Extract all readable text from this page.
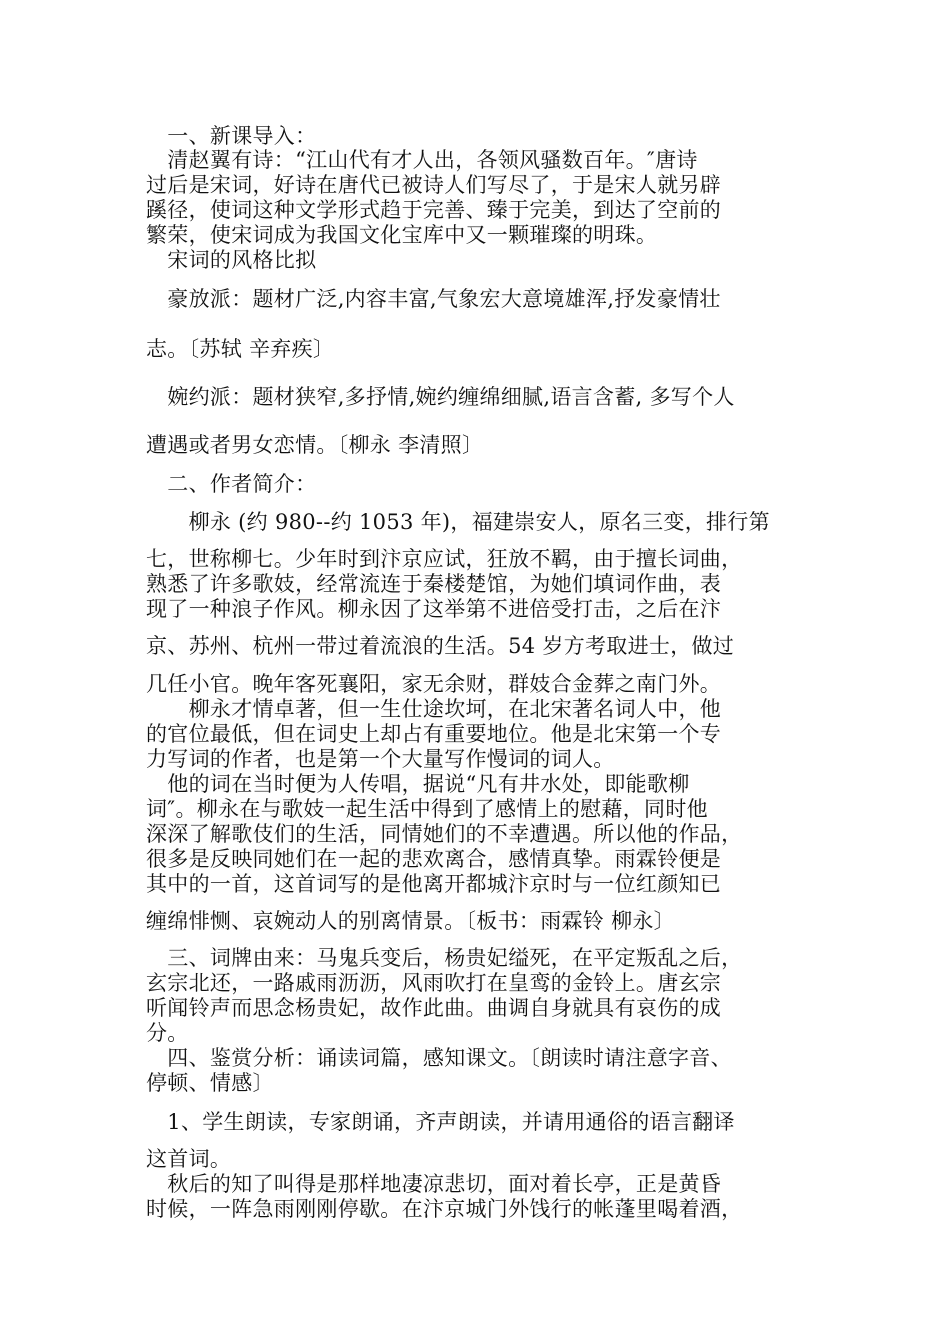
　一、新课导入：
　清赵翼有诗：“江山代有才人出，各领风骚数百年。″唐诗
过后是宋词，好诗在唐代已被诗人们写尽了，于是宋人就另辟
蹊径，使词这种文学形式趋于完善、臻于完美，到达了空前的
繁荣，使宋词成为我国文化宝库中又一颗璀璨的明珠。
　宋词的风格比拟
　豪放派：题材广泛,内容丰富,气象宏大意境雄浑,抒发豪情壮
志。〔苏轼 辛弃疾〕
　婉约派：题材狭窄,多抒情,婉约缠绵细腻,语言含蓄, 多写个人
遭遇或者男女恋情。〔柳永 李清照〕
　二、作者简介：
　　柳永 (约 980--约 1053 年)，福建崇安人，原名三变，排行第
七，世称柳七。少年时到汴京应试，狂放不羁，由于擅长词曲，
熟悉了许多歌妓，经常流连于秦楼楚馆，为她们填词作曲，表
现了一种浪子作风。柳永因了这举第不进倍受打击，之后在汴
京、苏州、杭州一带过着流浪的生活。54 岁方考取进士，做过
几任小官。晚年客死襄阳，家无余财，群妓合金葬之南门外。
　　柳永才情卓著，但一生仕途坎坷，在北宋著名词人中，他
的官位最低，但在词史上却占有重要地位。他是北宋第一个专
力写词的作者，也是第一个大量写作慢词的词人。
　他的词在当时便为人传唱，据说“凡有井水处，即能歌柳
词″。柳永在与歌妓一起生活中得到了感情上的慰藉，同时他
深深了解歌伎们的生活，同情她们的不幸遭遇。所以他的作品，
很多是反映同她们在一起的悲欢离合，感情真挚。雨霖铃便是
其中的一首，这首词写的是他离开都城汴京时与一位红颜知已
缠绵悱恻、哀婉动人的别离情景。〔板书：雨霖铃 柳永〕
　三、词牌由来：马鬼兵变后，杨贵妃缢死，在平定叛乱之后，
玄宗北还，一路戚雨沥沥，风雨吹打在皇鸾的金铃上。唐玄宗
听闻铃声而思念杨贵妃，故作此曲。曲调自身就具有哀伤的成
分。
　四、鉴赏分析：诵读词篇，感知课文。〔朗读时请注意字音、
停顿、情感〕
　1、学生朗读，专家朗诵，齐声朗读，并请用通俗的语言翻译
这首词。
　秋后的知了叫得是那样地凄凉悲切，面对着长亭，正是黄昏
时候，一阵急雨刚刚停歇。在汴京城门外饯行的帐蓬里喝着酒，
